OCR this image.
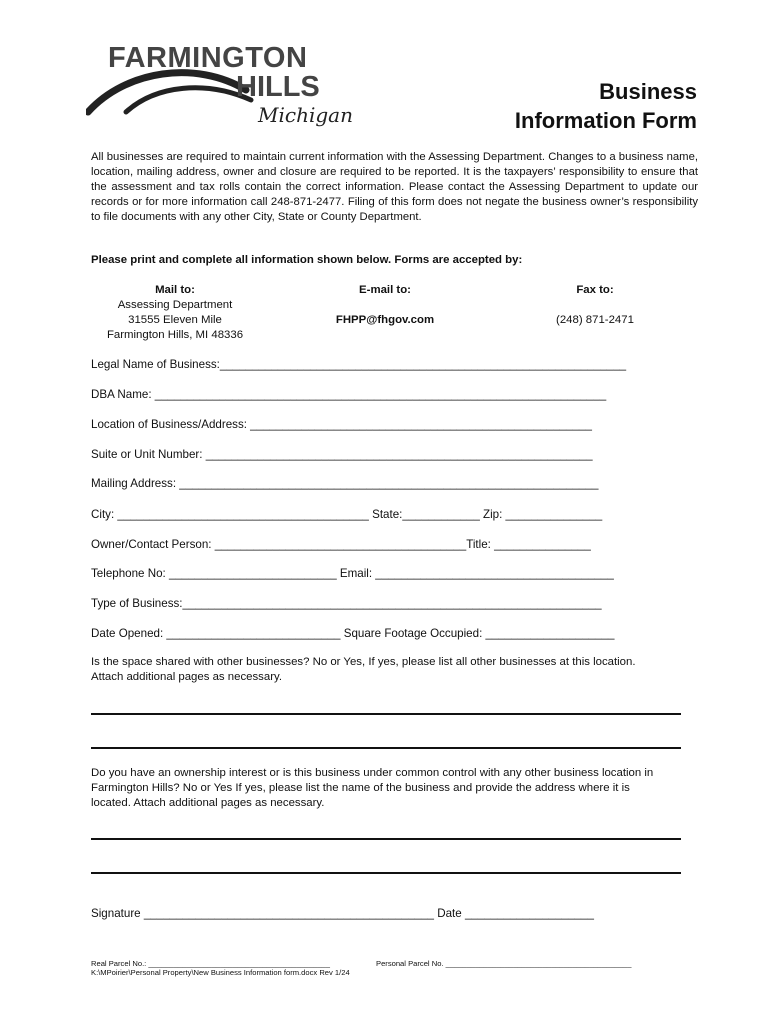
FARMINGTON
HILLS
Michigan
Business
Information Form

All businesses are required to maintain current information with the Assessing Department. Changes to a business name, location, mailing address, owner and closure are required to be reported. It is the taxpayers’ responsibility to ensure that the assessment and tax rolls contain the correct information. Please contact the Assessing Department to update our records or for more information call 248-871-2477. Filing of this form does not negate the business owner’s responsibility to file documents with any other City, State or County Department.

Please print and complete all information shown below. Forms are accepted by:

Mail to:
Assessing Department
31555 Eleven Mile
Farmington Hills, MI 48336
E-mail to:
FHPP@fhgov.com
Fax to:
(248) 871-2471
Legal Name of Business:_______________________________________________________________
DBA Name: ______________________________________________________________________
Location of Business/Address: _____________________________________________________
Suite or Unit Number: ____________________________________________________________
Mailing Address: _________________________________________________________________
City: _______________________________________ State:____________ Zip: _______________
Owner/Contact Person: _______________________________________Title: _______________
Telephone No: __________________________ Email: _____________________________________
Type of Business:_________________________________________________________________
Date Opened: ___________________________ Square Footage Occupied: ____________________

Is the space shared with other businesses? No or Yes, If yes, please list all other businesses at this location. Attach additional pages as necessary.

Do you have an ownership interest or is this business under common control with any other business location in Farmington Hills? No or Yes If yes, please list the name of the business and provide the address where it is located. Attach additional pages as necessary.

Signature _____________________________________________ Date ____________________
Real Parcel No.: ___________________________________________	Personal Parcel No. ____________________________________________
K:\MPoirier\Personal Property\New Business Information form.docx Rev 1/24
